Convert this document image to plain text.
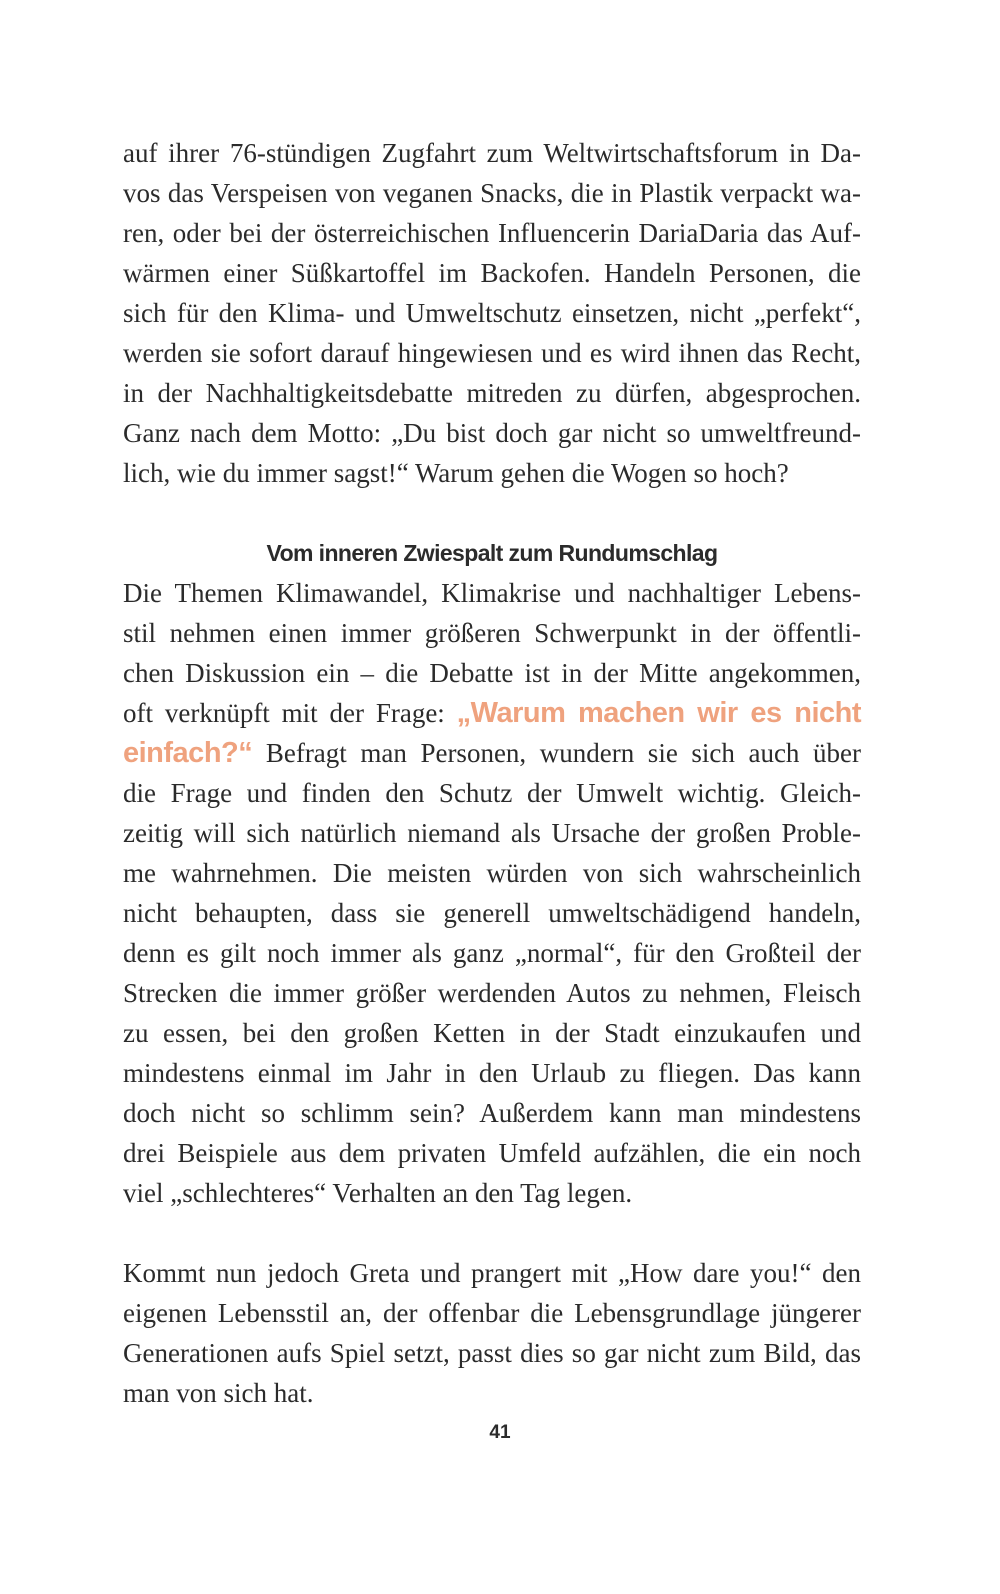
auf ihrer 76-stündigen Zugfahrt zum Weltwirtschaftsforum in Da-
vos das Verspeisen von veganen Snacks, die in Plastik verpackt wa-
ren, oder bei der österreichischen Influencerin DariaDaria das Auf-
wärmen einer Süßkartoffel im Backofen. Handeln Personen, die
sich für den Klima- und Umweltschutz einsetzen, nicht „perfekt“,
werden sie sofort darauf hingewiesen und es wird ihnen das Recht,
in der Nachhaltigkeitsdebatte mitreden zu dürfen, abgesprochen.
Ganz nach dem Motto: „Du bist doch gar nicht so umweltfreund-
lich, wie du immer sagst!“ Warum gehen die Wogen so hoch?
Vom inneren Zwiespalt zum Rundumschlag
Die Themen Klimawandel, Klimakrise und nachhaltiger Lebens-
stil nehmen einen immer größeren Schwerpunkt in der öffentli-
chen Diskussion ein – die Debatte ist in der Mitte angekommen,
oft verknüpft mit der Frage: „Warum machen wir es nicht
einfach?“ Befragt man Personen, wundern sie sich auch über
die Frage und finden den Schutz der Umwelt wichtig. Gleich-
zeitig will sich natürlich niemand als Ursache der großen Proble-
me wahrnehmen. Die meisten würden von sich wahrscheinlich
nicht behaupten, dass sie generell umweltschädigend handeln,
denn es gilt noch immer als ganz „normal“, für den Großteil der
Strecken die immer größer werdenden Autos zu nehmen, Fleisch
zu essen, bei den großen Ketten in der Stadt einzukaufen und
mindestens einmal im Jahr in den Urlaub zu fliegen. Das kann
doch nicht so schlimm sein? Außerdem kann man mindestens
drei Beispiele aus dem privaten Umfeld aufzählen, die ein noch
viel „schlechteres“ Verhalten an den Tag legen.
Kommt nun jedoch Greta und prangert mit „How dare you!“ den
eigenen Lebensstil an, der offenbar die Lebensgrundlage jüngerer
Generationen aufs Spiel setzt, passt dies so gar nicht zum Bild, das
man von sich hat.
41
